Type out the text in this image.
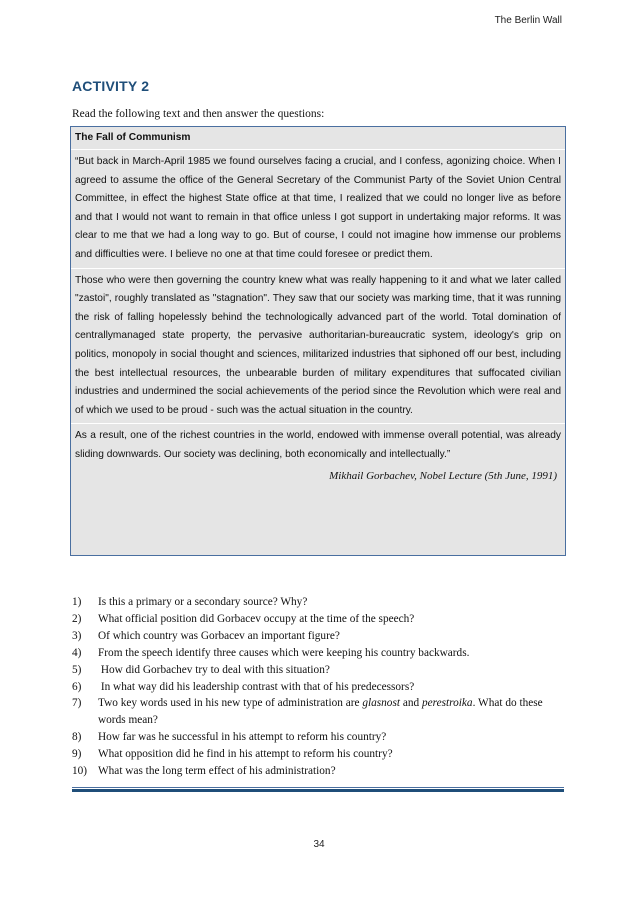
The Berlin Wall
ACTIVITY 2
Read the following text and then answer the questions:
The Fall of Communism
“But back in March-April 1985 we found ourselves facing a crucial, and I confess, agonizing choice. When I agreed to assume the office of the General Secretary of the Communist Party of the Soviet Union Central Committee, in effect the highest State office at that time, I realized that we could no longer live as before and that I would not want to remain in that office unless I got support in undertaking major reforms. It was clear to me that we had a long way to go. But of course, I could not imagine how immense our problems and difficulties were. I believe no one at that time could foresee or predict them.
Those who were then governing the country knew what was really happening to it and what we later called "zastoi", roughly translated as "stagnation". They saw that our society was marking time, that it was running the risk of falling hopelessly behind the technologically advanced part of the world. Total domination of centrallymanaged state property, the pervasive authoritarian-bureaucratic system, ideology's grip on politics, monopoly in social thought and sciences, militarized industries that siphoned off our best, including the best intellectual resources, the unbearable burden of military expenditures that suffocated civilian industries and undermined the social achievements of the period since the Revolution which were real and of which we used to be proud - such was the actual situation in the country.
As a result, one of the richest countries in the world, endowed with immense overall potential, was already sliding downwards. Our society was declining, both economically and intellectually.”
Mikhail Gorbachev, Nobel Lecture (5th June, 1991)
1)	Is this a primary or a secondary source? Why?
2)	What official position did Gorbacev occupy at the time of the speech?
3)	Of which country was Gorbacev an important figure?
4)	From the speech identify three causes which were keeping his country backwards.
5)	How did Gorbachev try to deal with this situation?
6)	In what way did his leadership contrast with that of his predecessors?
7)	Two key words used in his new type of administration are glasnost and perestroika. What do these words mean?
8)	How far was he successful in his attempt to reform his country?
9)	What opposition did he find in his attempt to reform his country?
10) What was the long term effect of his administration?
34
